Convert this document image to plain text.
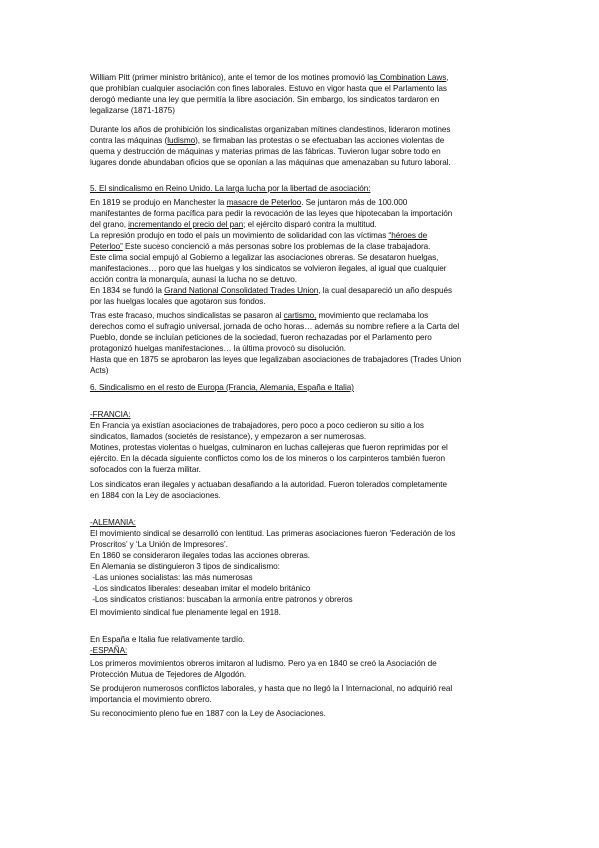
William Pitt (primer ministro británico), ante el temor de los motines promovió las Combination Laws,
que prohibían cualquier asociación con fines laborales. Estuvo en vigor hasta que el Parlamento las
derogó mediante una ley que permitía la libre asociación. Sin embargo, los sindicatos tardaron en
legalizarse (1871-1875)
Durante los años de prohibición los sindicalistas organizaban mítines clandestinos, lideraron motines
contra las máquinas (ludismo), se firmaban las protestas o se efectuaban las acciones violentas de
quema y destrucción de máquinas y materias primas de las fábricas. Tuvieron lugar sobre todo en
lugares donde abundaban oficios que se oponían a las máquinas que amenazaban su futuro laboral.
5. El sindicalismo en Reino Unido. La larga lucha por la libertad de asociación:
En 1819 se produjo en Manchester la masacre de Peterloo. Se juntaron más de 100.000
manifestantes de forma pacífica para pedir la revocación de las leyes que hipotecaban la importación
del grano, incrementando el precio del pan; el ejército disparó contra la multitud.
La represión produjo en todo el país un movimiento de solidaridad con las víctimas “héroes de
Peterloo” Este suceso concienció a más personas sobre los problemas de la clase trabajadora.
Este clima social empujó al Gobierno a legalizar las asociaciones obreras. Se desataron huelgas,
manifestaciones… poro que las huelgas y los sindicatos se volvieron ilegales, al igual que cualquier
acción contra la monarquía, aunasí la lucha no se detuvo.
En 1834 se fundó la Grand National Consolidated Trades Union, la cual desapareció un año después
por las huelgas locales que agotaron sus fondos.
Tras este fracaso, muchos sindicalistas se pasaron al cartismo, movimiento que reclamaba los
derechos como el sufragio universal, jornada de ocho horas… además su nombre refiere a la Carta del
Pueblo, donde se incluían peticiones de la sociedad, fueron rechazadas por el Parlamento pero
protagonizó huelgas manifestaciones… la última provocó su disolución.
Hasta que en 1875 se aprobaron las leyes que legalizaban asociaciones de trabajadores (Trades Union
Acts)
6. Sindicalismo en el resto de Europa (Francia, Alemania, España e Italia)
-FRANCIA:
En Francia ya existían asociaciones de trabajadores, pero poco a poco cedieron su sitio a los
sindicatos, llamados (societés de resistance), y empezaron a ser numerosas.
Motines, protestas violentas o huelgas, culminaron en luchas callejeras que fueron reprimidas por el
ejército. En la década siguiente conflictos como los de los mineros o los carpinteros también fueron
sofocados con la fuerza militar.
Los sindicatos eran ilegales y actuaban desafiando a la autoridad. Fueron tolerados completamente
en 1884 con la Ley de asociaciones.
-ALEMANIA:
El movimiento sindical se desarrolló con lentitud. Las primeras asociaciones fueron ‘Federación de los
Proscritos’ y ‘La Unión de Impresores’.
En 1860 se consideraron ilegales todas las acciones obreras.
En Alemania se distinguieron 3 tipos de sindicalismo:
-Las uniones socialistas: las más numerosas
-Los sindicatos liberales: deseaban imitar el modelo británico
-Los sindicatos cristianos: buscaban la armonía entre patronos y obreros
El movimiento sindical fue plenamente legal en 1918.
En España e Italia fue relativamente tardío.
-ESPAÑA:
Los primeros movimientos obreros imitaron al ludismo. Pero ya en 1840 se creó la Asociación de
Protección Mutua de Tejedores de Algodón.
Se produjeron numerosos conflictos laborales, y hasta que no llegó la I Internacional, no adquirió real
importancia el movimiento obrero.
Su reconocimiento pleno fue en 1887 con la Ley de Asociaciones.
